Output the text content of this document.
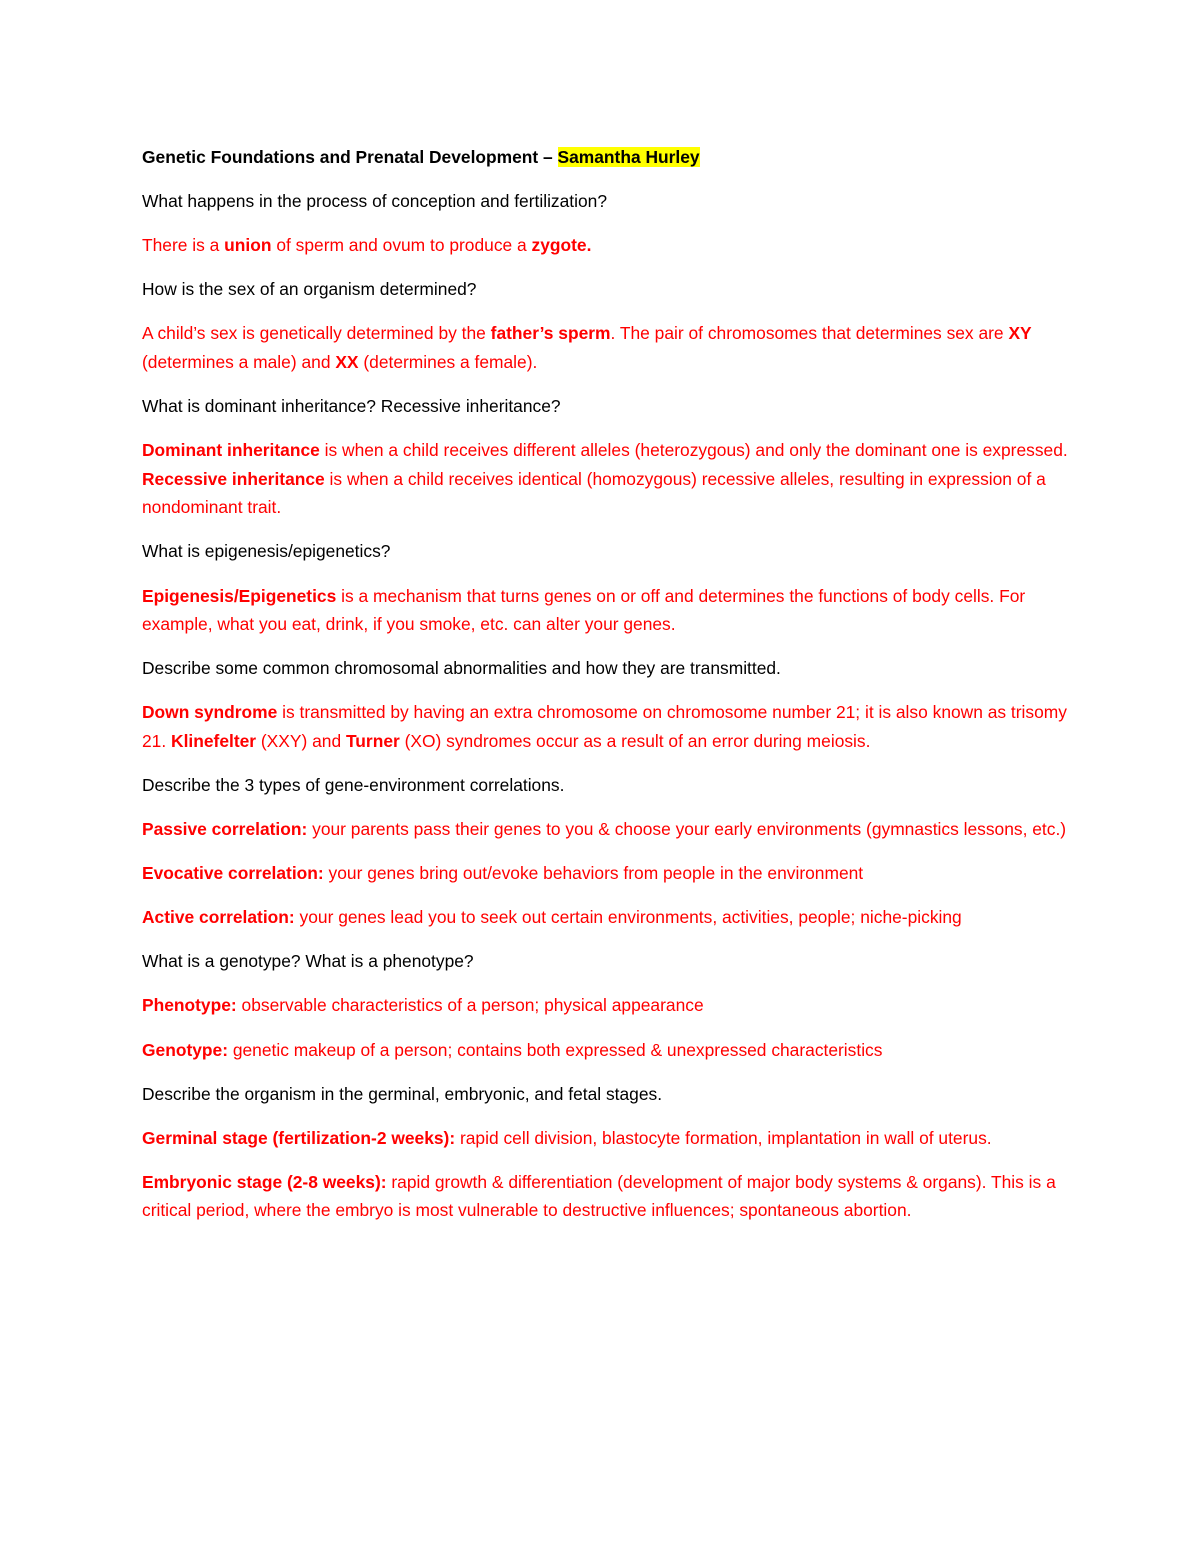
Genetic Foundations and Prenatal Development – Samantha Hurley

What happens in the process of conception and fertilization?

There is a union of sperm and ovum to produce a zygote.

How is the sex of an organism determined?

A child’s sex is genetically determined by the father’s sperm. The pair of chromosomes that determines sex are XY (determines a male) and XX (determines a female).

What is dominant inheritance? Recessive inheritance?

Dominant inheritance is when a child receives different alleles (heterozygous) and only the dominant one is expressed. Recessive inheritance is when a child receives identical (homozygous) recessive alleles, resulting in expression of a nondominant trait.

What is epigenesis/epigenetics?

Epigenesis/Epigenetics is a mechanism that turns genes on or off and determines the functions of body cells. For example, what you eat, drink, if you smoke, etc. can alter your genes.

Describe some common chromosomal abnormalities and how they are transmitted.

Down syndrome is transmitted by having an extra chromosome on chromosome number 21; it is also known as trisomy 21. Klinefelter (XXY) and Turner (XO) syndromes occur as a result of an error during meiosis.

Describe the 3 types of gene-environment correlations.

Passive correlation: your parents pass their genes to you & choose your early environments (gymnastics lessons, etc.)

Evocative correlation: your genes bring out/evoke behaviors from people in the environment

Active correlation: your genes lead you to seek out certain environments, activities, people; niche-picking

What is a genotype? What is a phenotype?

Phenotype: observable characteristics of a person; physical appearance

Genotype: genetic makeup of a person; contains both expressed & unexpressed characteristics

Describe the organism in the germinal, embryonic, and fetal stages.

Germinal stage (fertilization-2 weeks): rapid cell division, blastocyte formation, implantation in wall of uterus.

Embryonic stage (2-8 weeks): rapid growth & differentiation (development of major body systems & organs). This is a critical period, where the embryo is most vulnerable to destructive influences; spontaneous abortion.
